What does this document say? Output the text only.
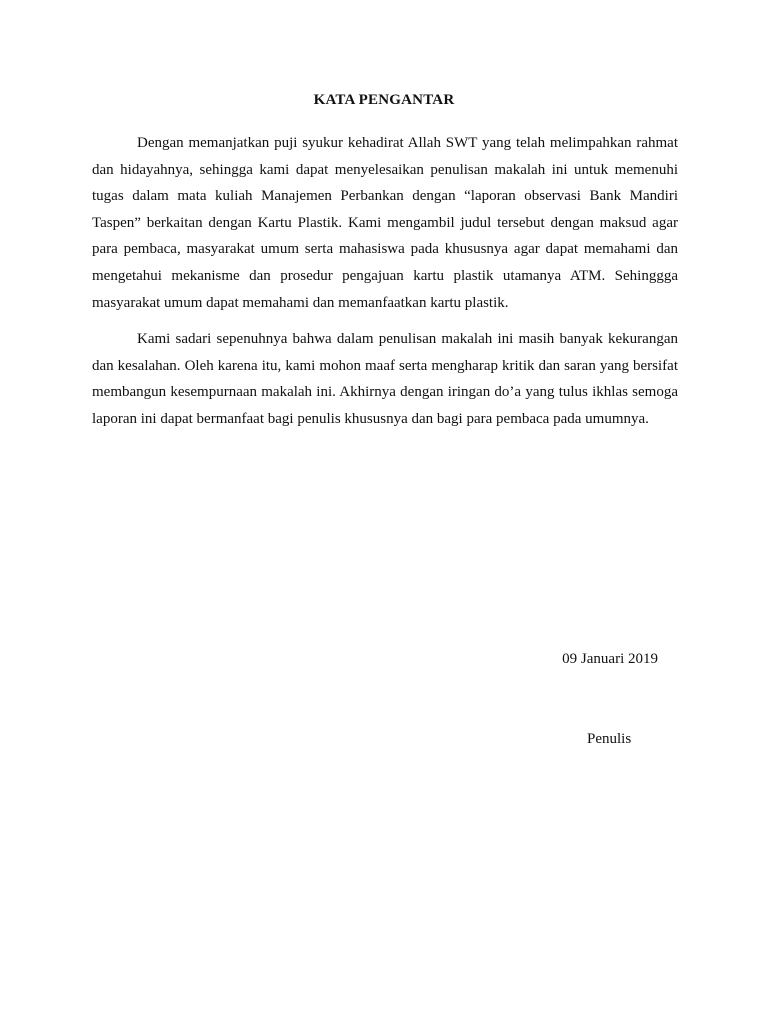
KATA PENGANTAR

Dengan memanjatkan puji syukur kehadirat Allah SWT yang telah melimpahkan rahmat dan hidayahnya, sehingga kami dapat menyelesaikan penulisan makalah ini untuk memenuhi tugas dalam mata kuliah Manajemen Perbankan dengan “laporan observasi Bank Mandiri Taspen” berkaitan dengan Kartu Plastik. Kami mengambil judul tersebut dengan maksud agar para pembaca, masyarakat umum serta mahasiswa pada khususnya agar dapat memahami dan mengetahui mekanisme dan prosedur pengajuan kartu plastik utamanya ATM. Sehinggga masyarakat umum dapat memahami dan memanfaatkan kartu plastik.

Kami sadari sepenuhnya bahwa dalam penulisan makalah ini masih banyak kekurangan dan kesalahan. Oleh karena itu, kami mohon maaf serta mengharap kritik dan saran yang bersifat membangun kesempurnaan makalah ini. Akhirnya dengan iringan do’a yang tulus ikhlas semoga laporan ini dapat bermanfaat bagi penulis khususnya dan bagi para pembaca pada umumnya.

09 Januari 2019
Penulis
